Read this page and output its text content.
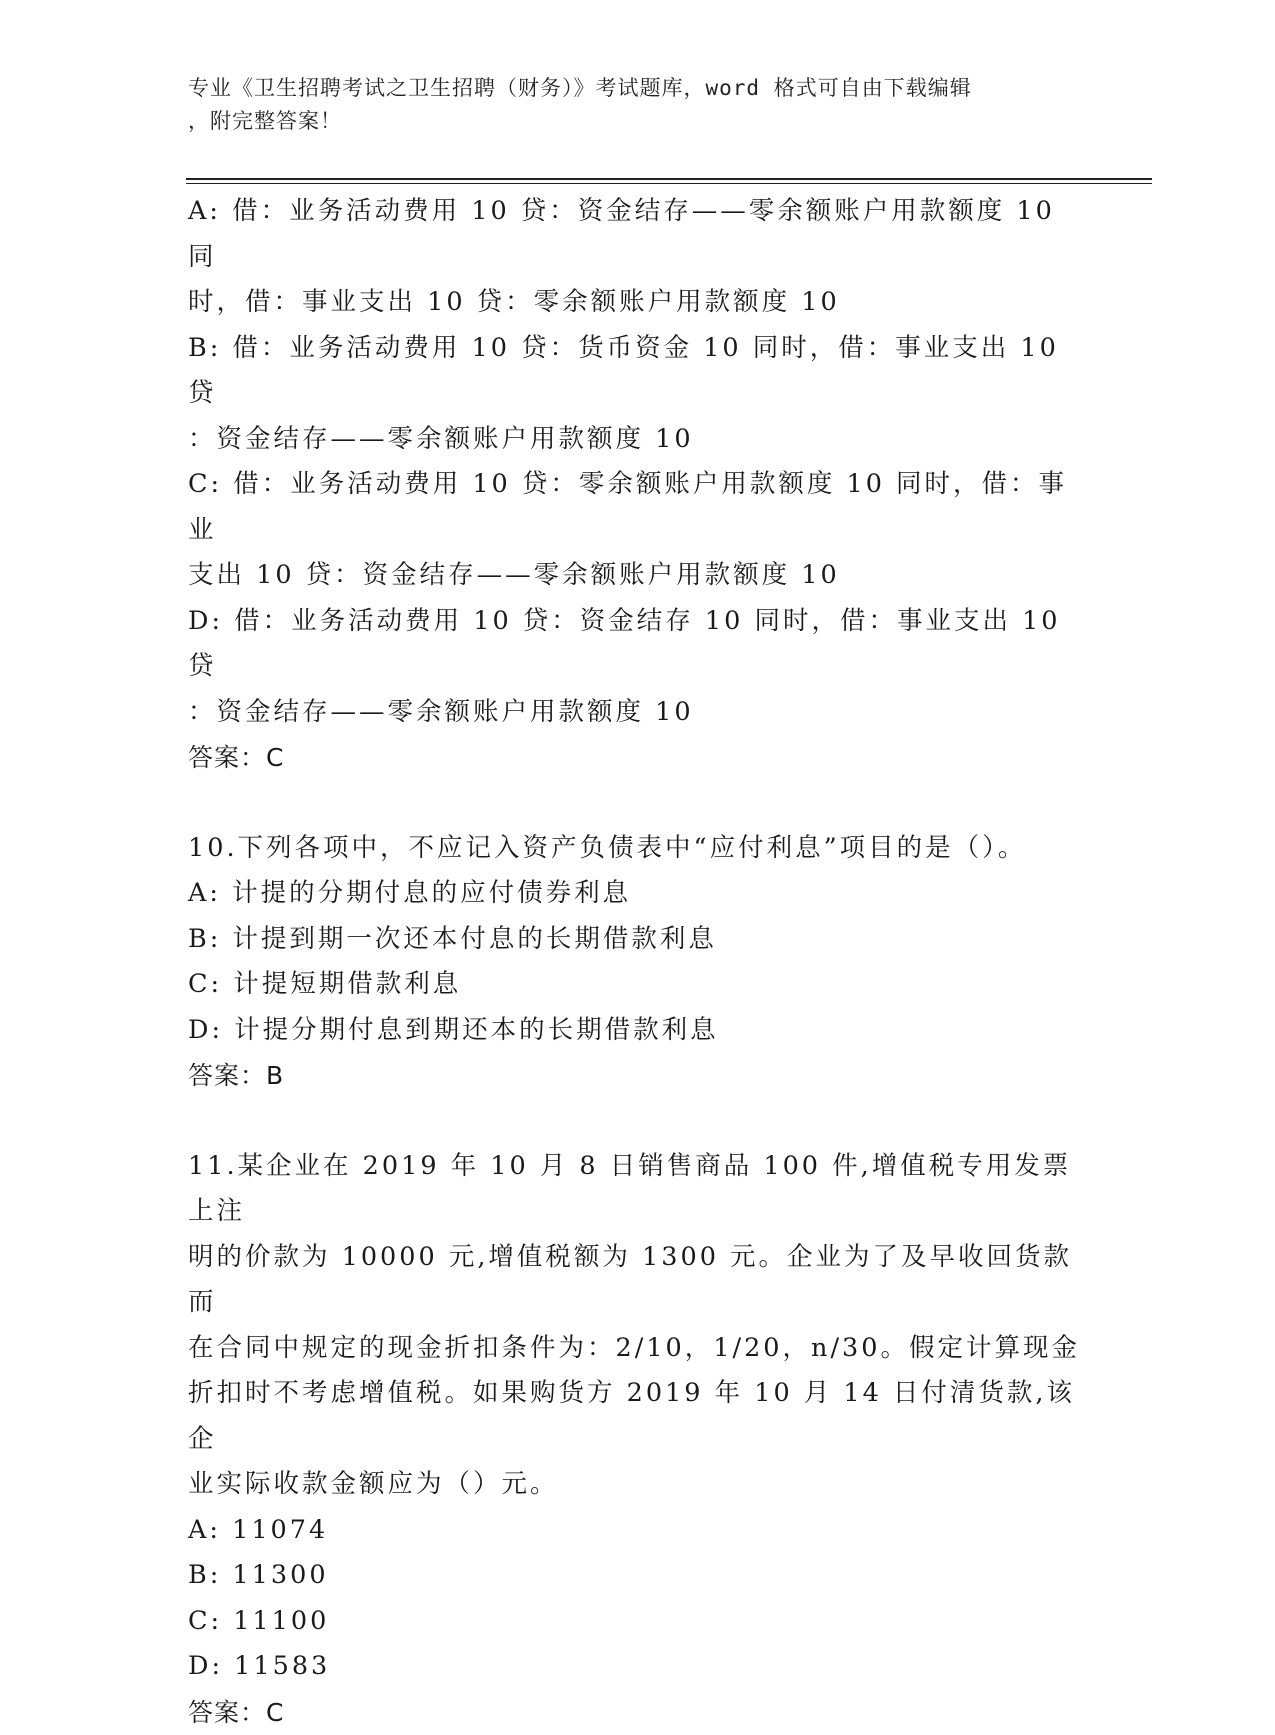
专业《卫生招聘考试之卫生招聘（财务）》考试题库，word 格式可自由下载编辑

，附完整答案！

A: 借：业务活动费用 10 贷：资金结存——零余额账户用款额度 10 同

时，借：事业支出 10 贷：零余额账户用款额度 10

B: 借：业务活动费用 10 贷：货币资金 10 同时，借：事业支出 10 贷

：资金结存——零余额账户用款额度 10

C: 借：业务活动费用 10 贷：零余额账户用款额度 10 同时，借：事业

支出 10 贷：资金结存——零余额账户用款额度 10

D: 借：业务活动费用 10 贷：资金结存 10 同时，借：事业支出 10 贷

：资金结存——零余额账户用款额度 10

答案：C

10.下列各项中，不应记入资产负债表中“应付利息”项目的是（）。

A: 计提的分期付息的应付债券利息

B: 计提到期一次还本付息的长期借款利息

C: 计提短期借款利息

D: 计提分期付息到期还本的长期借款利息

答案：B

11.某企业在 2019 年 10 月 8 日销售商品 100 件,增值税专用发票上注

明的价款为 10000 元,增值税额为 1300 元。企业为了及早收回货款而

在合同中规定的现金折扣条件为：2/10，1/20，n/30。假定计算现金

折扣时不考虑增值税。如果购货方 2019 年 10 月 14 日付清货款,该企

业实际收款金额应为（）元。

A: 11074

B: 11300

C: 11100

D: 11583

答案：C
